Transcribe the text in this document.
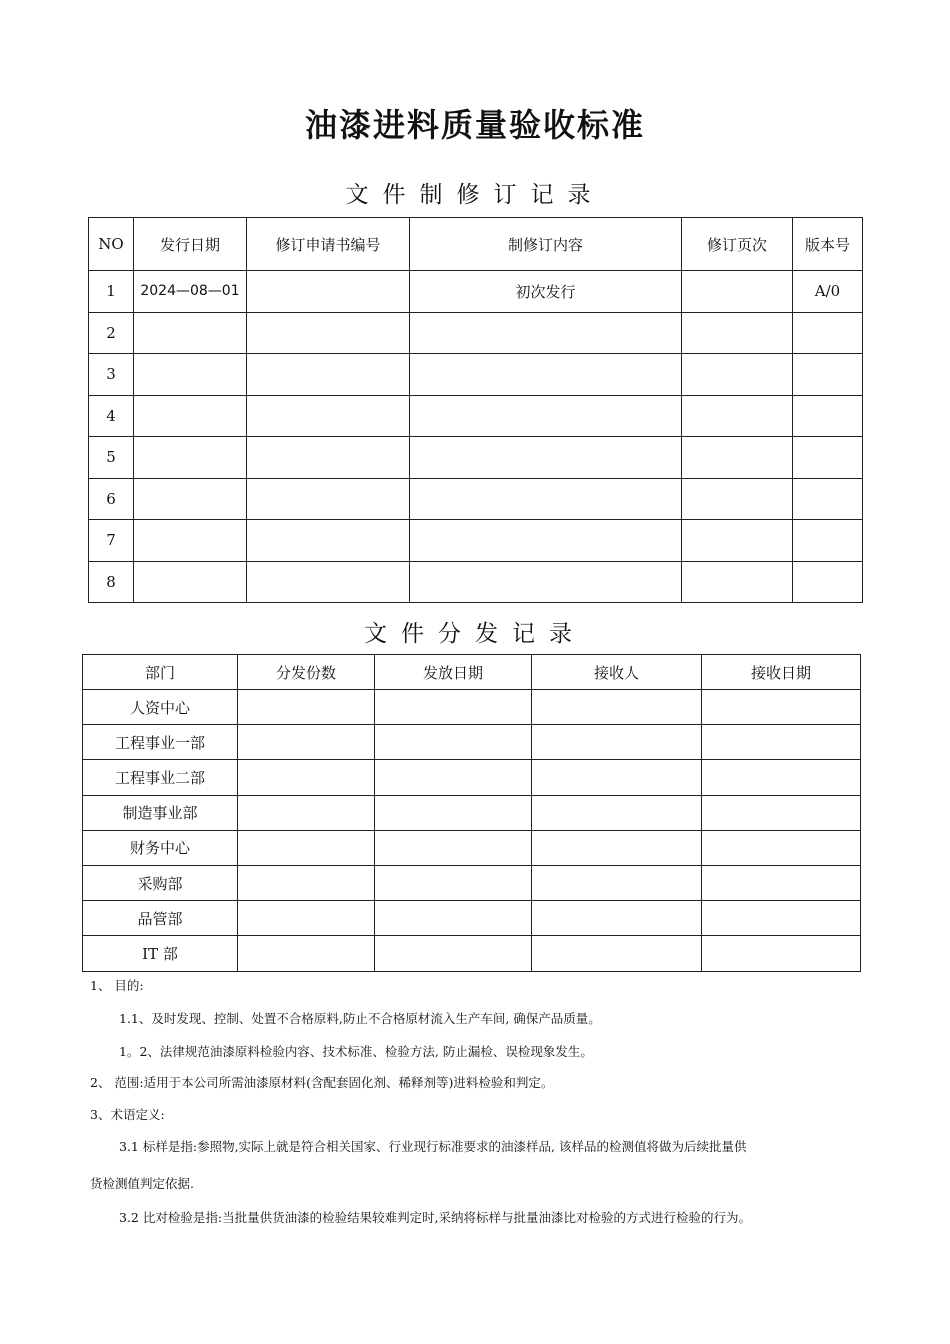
油漆进料质量验收标准
文件制修订记录
NO	发行日期	修订申请书编号	制修订内容	修订页次	版本号
1	2024—08—01		初次发行		A/0
2					
3					
4					
5					
6					
7					
8					
文件分发记录
部门	分发份数	发放日期	接收人	接收日期
人资中心				
工程事业一部				
工程事业二部				
制造事业部				
财务中心				
采购部				
品管部				
IT 部				
1、 目的:
1.1、及时发现、控制、处置不合格原料,防止不合格原材流入生产车间, 确保产品质量。
1。2、法律规范油漆原料检验内容、技术标准、检验方法, 防止漏检、误检现象发生。
2、 范围:适用于本公司所需油漆原材料(含配套固化剂、稀释剂等)进料检验和判定。
3、术语定义:
3.1 标样是指:参照物,实际上就是符合相关国家、行业现行标准要求的油漆样品, 该样品的检测值将做为后续批量供
货检测值判定依据.
3.2 比对检验是指:当批量供货油漆的检验结果较难判定时,采纳将标样与批量油漆比对检验的方式进行检验的行为。
